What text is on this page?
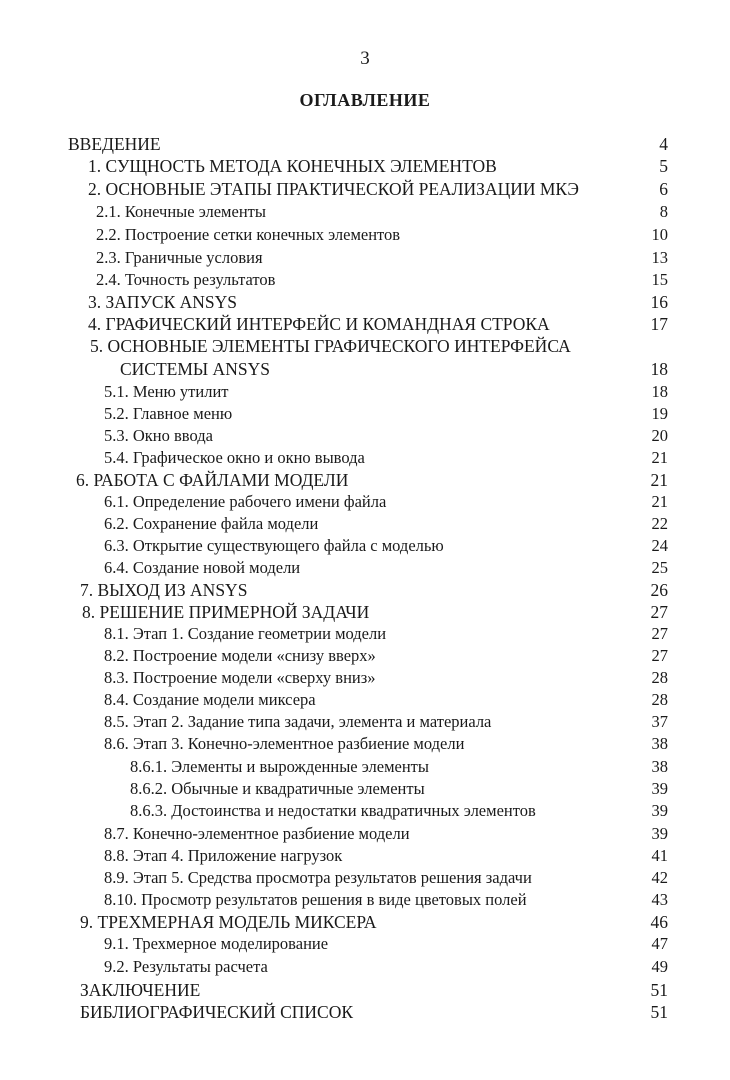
3
ОГЛАВЛЕНИЕ
ВВЕДЕНИЕ	4
1. СУЩНОСТЬ МЕТОДА КОНЕЧНЫХ ЭЛЕМЕНТОВ	5
2. ОСНОВНЫЕ ЭТАПЫ ПРАКТИЧЕСКОЙ РЕАЛИЗАЦИИ МКЭ	6
2.1. Конечные элементы	8
2.2. Построение сетки конечных элементов	10
2.3. Граничные условия	13
2.4. Точность результатов	15
3. ЗАПУСК ANSYS	16
4. ГРАФИЧЕСКИЙ ИНТЕРФЕЙС И КОМАНДНАЯ СТРОКА	17
5. ОСНОВНЫЕ ЭЛЕМЕНТЫ ГРАФИЧЕСКОГО ИНТЕРФЕЙСА
СИСТЕМЫ ANSYS	18
5.1. Меню утилит	18
5.2. Главное меню	19
5.3. Окно ввода	20
5.4. Графическое окно и окно вывода	21
6. РАБОТА С ФАЙЛАМИ МОДЕЛИ	21
6.1. Определение рабочего имени файла	21
6.2. Сохранение файла модели	22
6.3. Открытие существующего файла с моделью	24
6.4. Создание новой модели	25
7. ВЫХОД ИЗ ANSYS	26
8. РЕШЕНИЕ ПРИМЕРНОЙ ЗАДАЧИ	27
8.1. Этап 1. Создание геометрии модели	27
8.2. Построение модели «снизу вверх»	27
8.3. Построение модели «сверху вниз»	28
8.4. Создание модели миксера	28
8.5. Этап 2. Задание типа задачи, элемента и материала	37
8.6. Этап 3. Конечно-элементное разбиение модели	38
8.6.1. Элементы и вырожденные элементы	38
8.6.2. Обычные и квадратичные элементы	39
8.6.3. Достоинства и недостатки квадратичных элементов	39
8.7. Конечно-элементное разбиение модели	39
8.8. Этап 4. Приложение нагрузок	41
8.9. Этап 5. Средства просмотра результатов решения задачи	42
8.10. Просмотр результатов решения в виде цветовых полей	43
9. ТРЕХМЕРНАЯ МОДЕЛЬ МИКСЕРА	46
9.1. Трехмерное моделирование	47
9.2. Результаты расчета	49
ЗАКЛЮЧЕНИЕ	51
БИБЛИОГРАФИЧЕСКИЙ СПИСОК	51
